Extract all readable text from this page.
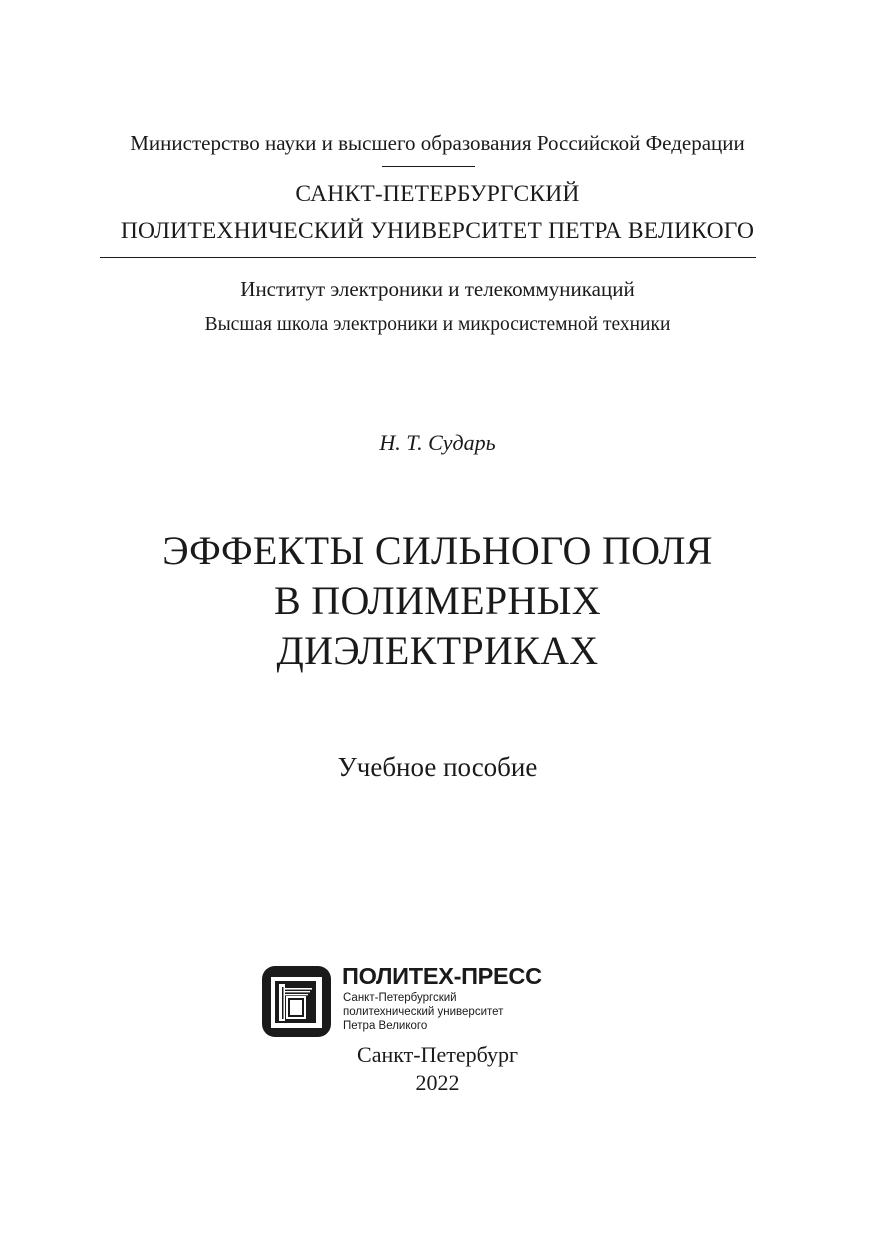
Министерство науки и высшего образования Российской Федерации
САНКТ-ПЕТЕРБУРГСКИЙ
ПОЛИТЕХНИЧЕСКИЙ УНИВЕРСИТЕТ ПЕТРА ВЕЛИКОГО
Институт электроники и телекоммуникаций
Высшая школа электроники и микросистемной техники
Н. Т. Сударь
ЭФФЕКТЫ СИЛЬНОГО ПОЛЯ
В ПОЛИМЕРНЫХ
ДИЭЛЕКТРИКАХ
Учебное пособие
ПОЛИТЕХ-ПРЕСС
Санкт-Петербургский
политехнический университет
Петра Великого
Санкт-Петербург
2022
